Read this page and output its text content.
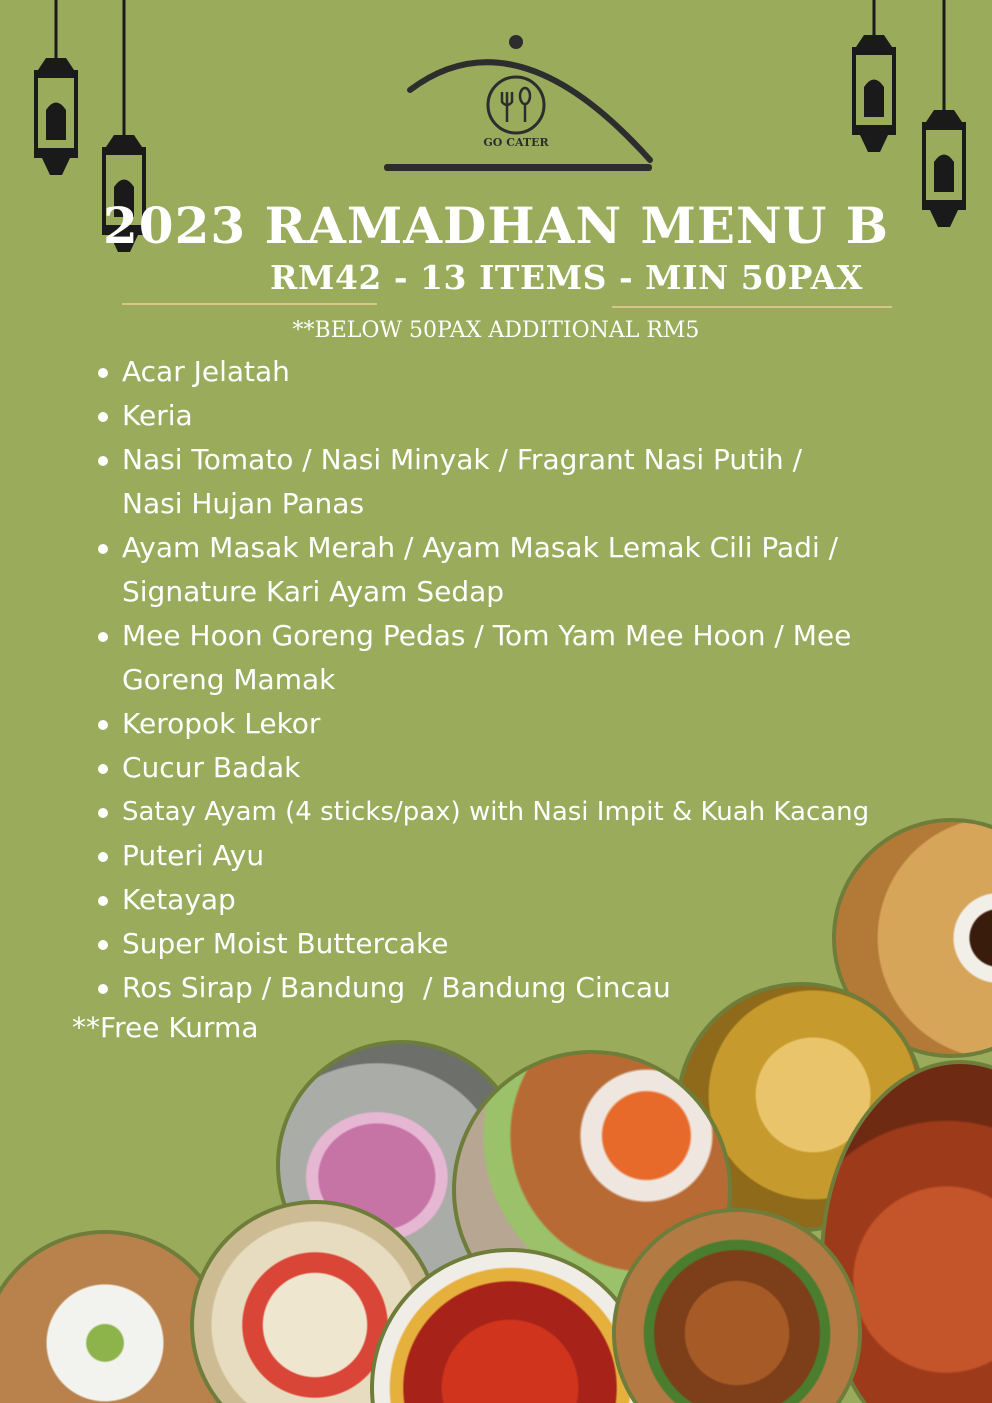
GO CATER
2023 RAMADHAN MENU B
RM42 - 13 ITEMS - MIN 50PAX
**BELOW 50PAX ADDITIONAL RM5
Acar Jelatah
Keria
Nasi Tomato / Nasi Minyak / Fragrant Nasi Putih / Nasi Hujan Panas
Ayam Masak Merah / Ayam Masak Lemak Cili Padi / Signature Kari Ayam Sedap
Mee Hoon Goreng Pedas / Tom Yam Mee Hoon / Mee Goreng Mamak
Keropok Lekor
Cucur Badak
Satay Ayam (4 sticks/pax) with Nasi Impit & Kuah Kacang
Puteri Ayu
Ketayap
Super Moist Buttercake
Ros Sirap / Bandung  / Bandung Cincau
**Free Kurma
